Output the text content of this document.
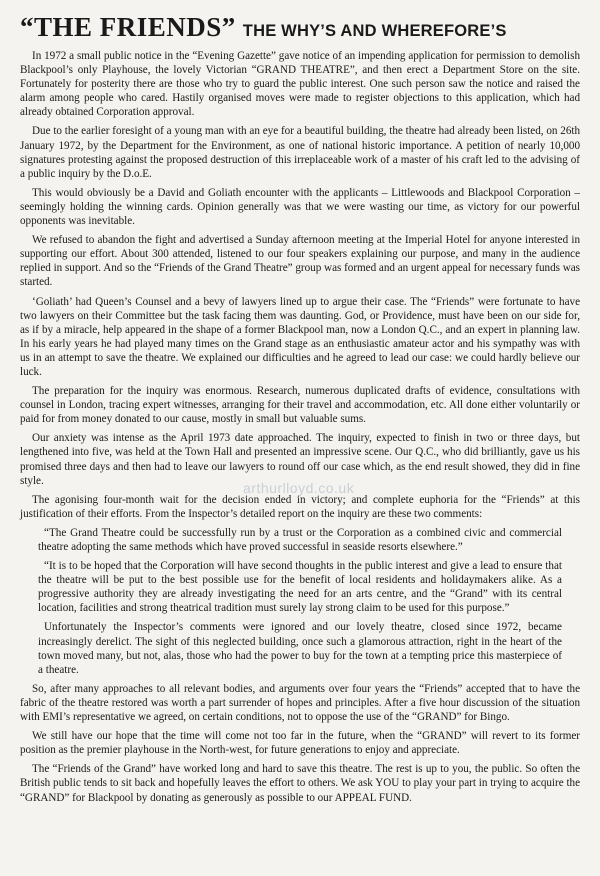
“THE FRIENDS” THE WHY’S AND WHEREFORE’S

In 1972 a small public notice in the “Evening Gazette” gave notice of an impending application for permission to demolish Blackpool’s only Playhouse, the lovely Victorian “GRAND THEATRE”, and then erect a Department Store on the site. Fortunately for posterity there are those who try to guard the public interest. One such person saw the notice and raised the alarm among people who cared. Hastily organised moves were made to register objections to this application, which had already obtained Corporation approval.

Due to the earlier foresight of a young man with an eye for a beautiful building, the theatre had already been listed, on 26th January 1972, by the Department for the Environment, as one of national historic importance. A petition of nearly 10,000 signatures protesting against the proposed destruction of this irreplaceable work of a master of his craft led to the advising of a public inquiry by the D.o.E.

This would obviously be a David and Goliath encounter with the applicants – Littlewoods and Blackpool Corporation – seemingly holding the winning cards. Opinion generally was that we were wasting our time, as victory for our powerful opponents was inevitable.

We refused to abandon the fight and advertised a Sunday afternoon meeting at the Imperial Hotel for anyone interested in supporting our effort. About 300 attended, listened to our four speakers explaining our purpose, and many in the audience replied in support. And so the “Friends of the Grand Theatre” group was formed and an urgent appeal for necessary funds was started.

‘Goliath’ had Queen’s Counsel and a bevy of lawyers lined up to argue their case. The “Friends” were fortunate to have two lawyers on their Committee but the task facing them was daunting. God, or Providence, must have been on our side for, as if by a miracle, help appeared in the shape of a former Blackpool man, now a London Q.C., and an expert in planning law. In his early years he had played many times on the Grand stage as an enthusiastic amateur actor and his sympathy was with us in an attempt to save the theatre. We explained our difficulties and he agreed to lead our case: we could hardly believe our luck.

The preparation for the inquiry was enormous. Research, numerous duplicated drafts of evidence, consultations with counsel in London, tracing expert witnesses, arranging for their travel and accommodation, etc. All done either voluntarily or paid for from money donated to our cause, mostly in small but valuable sums.

Our anxiety was intense as the April 1973 date approached. The inquiry, expected to finish in two or three days, but lengthened into five, was held at the Town Hall and presented an impressive scene. Our Q.C., who did brilliantly, gave us his promised three days and then had to leave our lawyers to round off our case which, as the end result showed, they did in fine style.

The agonising four-month wait for the decision ended in victory; and complete euphoria for the “Friends” at this justification of their efforts. From the Inspector’s detailed report on the inquiry are these two comments:

“The Grand Theatre could be successfully run by a trust or the Corporation as a combined civic and commercial theatre adopting the same methods which have proved successful in seaside resorts elsewhere.”

“It is to be hoped that the Corporation will have second thoughts in the public interest and give a lead to ensure that the theatre will be put to the best possible use for the benefit of local residents and holidaymakers alike. As a progressive authority they are already investigating the need for an arts centre, and the “Grand” with its central location, facilities and strong theatrical tradition must surely lay strong claim to be used for this purpose.”

Unfortunately the Inspector’s comments were ignored and our lovely theatre, closed since 1972, became increasingly derelict. The sight of this neglected building, once such a glamorous attraction, right in the heart of the town moved many, but not, alas, those who had the power to buy for the town at a tempting price this masterpiece of a theatre.

So, after many approaches to all relevant bodies, and arguments over four years the “Friends” accepted that to have the fabric of the theatre restored was worth a part surrender of hopes and principles. After a five hour discussion of the situation with EMI’s representative we agreed, on certain conditions, not to oppose the use of the “GRAND” for Bingo.

We still have our hope that the time will come not too far in the future, when the “GRAND” will revert to its former position as the premier playhouse in the North-west, for future generations to enjoy and appreciate.

The “Friends of the Grand” have worked long and hard to save this theatre. The rest is up to you, the public. So often the British public tends to sit back and hopefully leaves the effort to others. We ask YOU to play your part in trying to acquire the “GRAND” for Blackpool by donating as generously as possible to our APPEAL FUND.

arthurlloyd.co.uk
